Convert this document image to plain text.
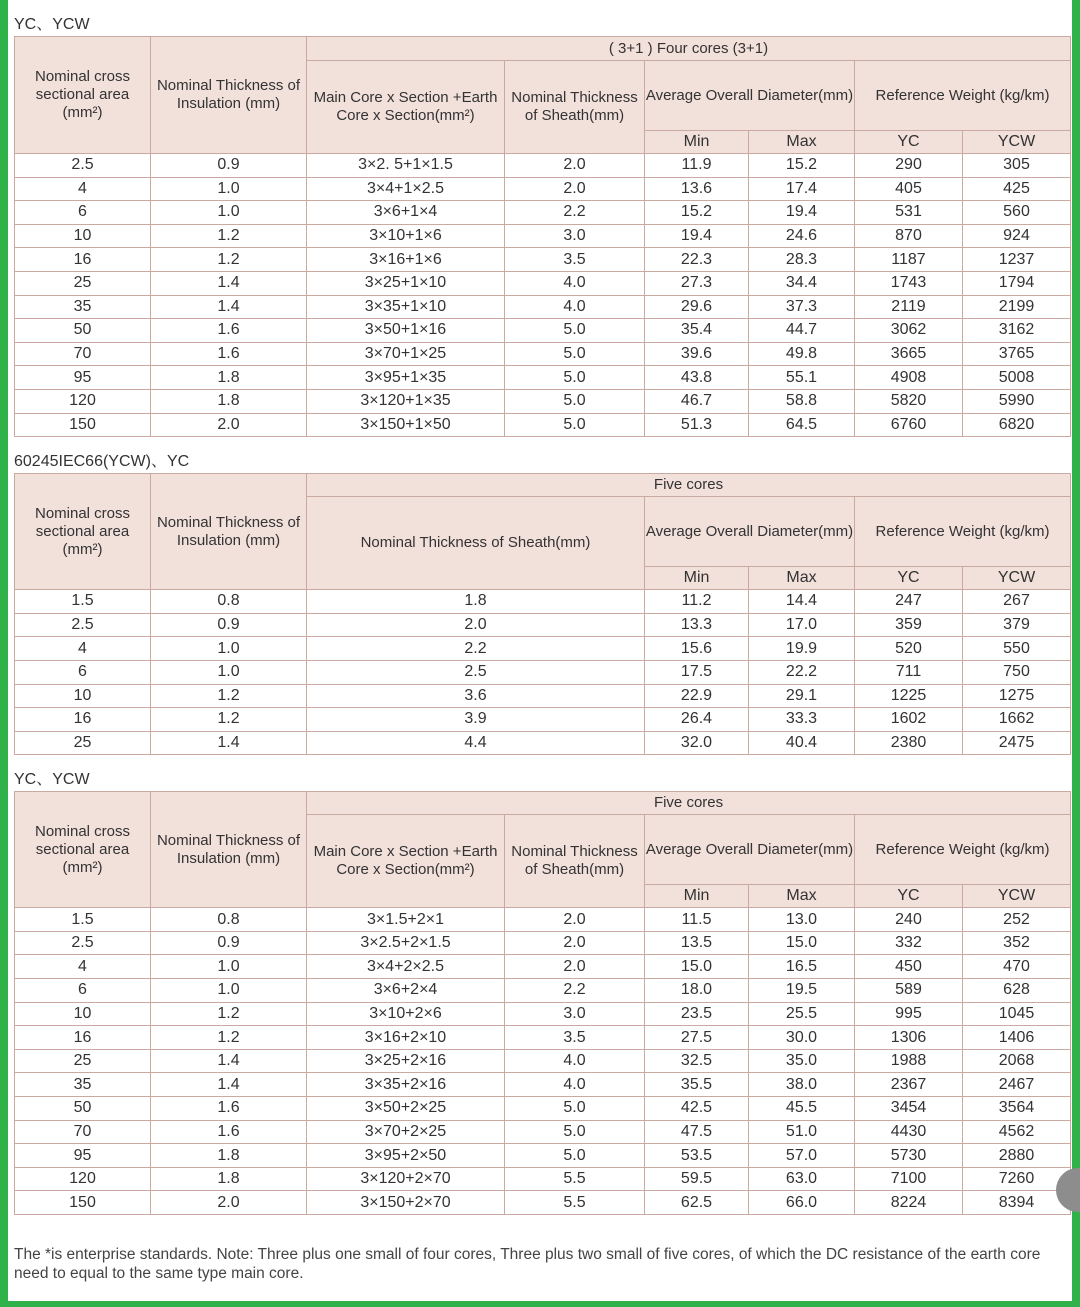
YC、YCW
Nominal cross sectional area (mm²)	Nominal Thickness of Insulation (mm)	( 3+1 ) Four cores (3+1)					
		Main Core x Section +Earth Core x Section(mm²)	Nominal Thickness of Sheath(mm)	Average Overall Diameter(mm)		Reference Weight (kg/km)	
				Min	Max	YC	YCW
2.5	0.9	3×2. 5+1×1.5	2.0	11.9	15.2	290	305
4	1.0	3×4+1×2.5	2.0	13.6	17.4	405	425
6	1.0	3×6+1×4	2.2	15.2	19.4	531	560
10	1.2	3×10+1×6	3.0	19.4	24.6	870	924
16	1.2	3×16+1×6	3.5	22.3	28.3	1187	1237
25	1.4	3×25+1×10	4.0	27.3	34.4	1743	1794
35	1.4	3×35+1×10	4.0	29.6	37.3	2119	2199
50	1.6	3×50+1×16	5.0	35.4	44.7	3062	3162
70	1.6	3×70+1×25	5.0	39.6	49.8	3665	3765
95	1.8	3×95+1×35	5.0	43.8	55.1	4908	5008
120	1.8	3×120+1×35	5.0	46.7	58.8	5820	5990
150	2.0	3×150+1×50	5.0	51.3	64.5	6760	6820
60245IEC66(YCW)、YC
Nominal cross sectional area (mm²)	Nominal Thickness of Insulation (mm)	Five cores				
		Nominal Thickness of Sheath(mm)	Average Overall Diameter(mm)		Reference Weight (kg/km)	
			Min	Max	YC	YCW
1.5	0.8	1.8	11.2	14.4	247	267
2.5	0.9	2.0	13.3	17.0	359	379
4	1.0	2.2	15.6	19.9	520	550
6	1.0	2.5	17.5	22.2	711	750
10	1.2	3.6	22.9	29.1	1225	1275
16	1.2	3.9	26.4	33.3	1602	1662
25	1.4	4.4	32.0	40.4	2380	2475
YC、YCW
Nominal cross sectional area (mm²)	Nominal Thickness of Insulation (mm)	Five cores					
		Main Core x Section +Earth Core x Section(mm²)	Nominal Thickness of Sheath(mm)	Average Overall Diameter(mm)		Reference Weight (kg/km)	
				Min	Max	YC	YCW
1.5	0.8	3×1.5+2×1	2.0	11.5	13.0	240	252
2.5	0.9	3×2.5+2×1.5	2.0	13.5	15.0	332	352
4	1.0	3×4+2×2.5	2.0	15.0	16.5	450	470
6	1.0	3×6+2×4	2.2	18.0	19.5	589	628
10	1.2	3×10+2×6	3.0	23.5	25.5	995	1045
16	1.2	3×16+2×10	3.5	27.5	30.0	1306	1406
25	1.4	3×25+2×16	4.0	32.5	35.0	1988	2068
35	1.4	3×35+2×16	4.0	35.5	38.0	2367	2467
50	1.6	3×50+2×25	5.0	42.5	45.5	3454	3564
70	1.6	3×70+2×25	5.0	47.5	51.0	4430	4562
95	1.8	3×95+2×50	5.0	53.5	57.0	5730	2880
120	1.8	3×120+2×70	5.5	59.5	63.0	7100	7260
150	2.0	3×150+2×70	5.5	62.5	66.0	8224	8394
The *is enterprise standards. Note: Three plus one small of four cores, Three plus two small of five cores, of which the DC resistance of the earth core need to equal to the same type main core.
